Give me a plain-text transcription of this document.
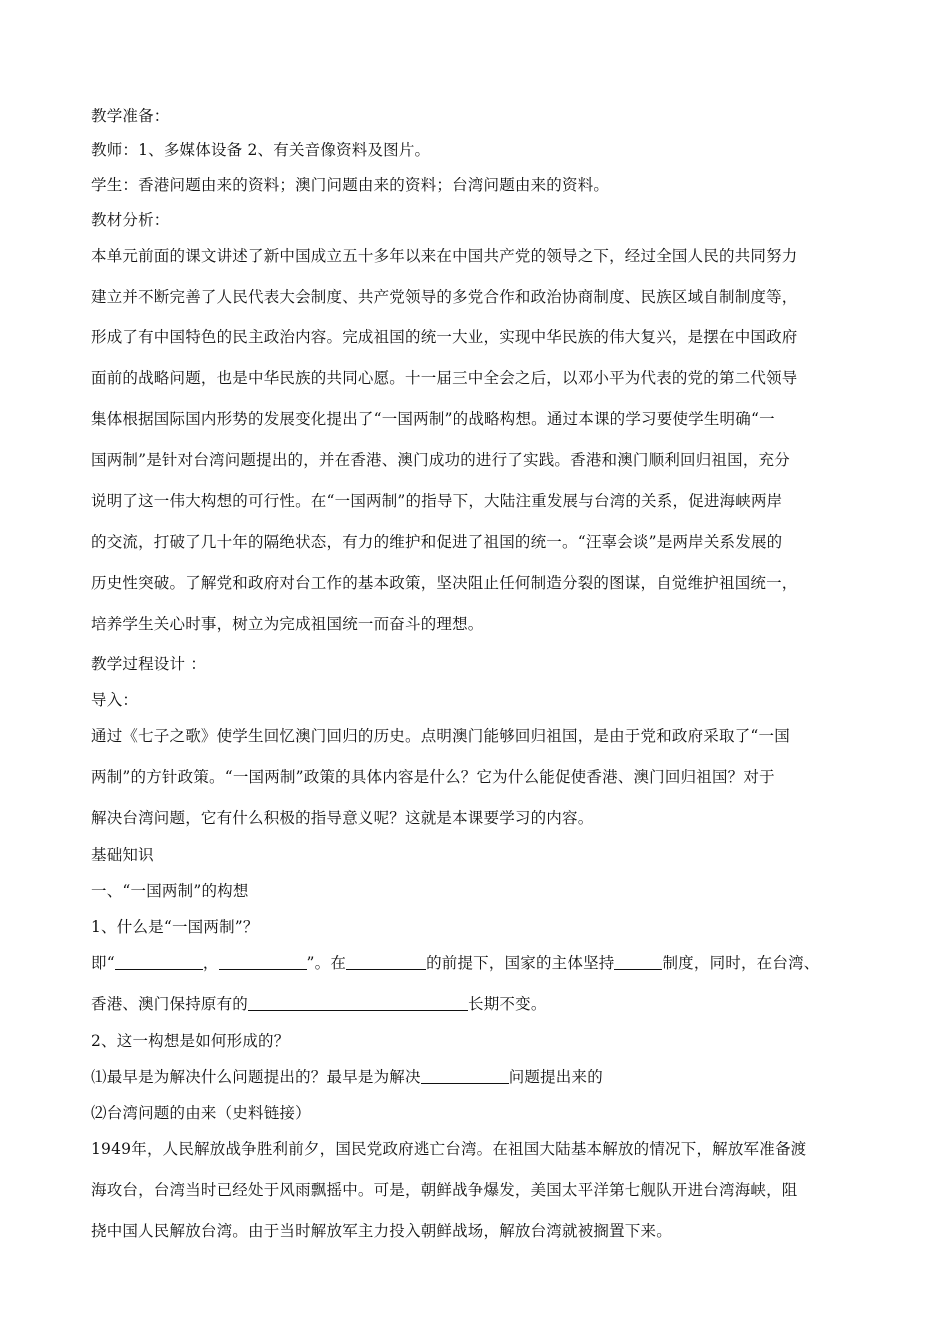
教学准备：
教师：1、多媒体设备 2、有关音像资料及图片。
学生：香港问题由来的资料；澳门问题由来的资料；台湾问题由来的资料。
教材分析：
本单元前面的课文讲述了新中国成立五十多年以来在中国共产党的领导之下，经过全国人民的共同努力
建立并不断完善了人民代表大会制度、共产党领导的多党合作和政治协商制度、民族区域自制制度等，
形成了有中国特色的民主政治内容。完成祖国的统一大业，实现中华民族的伟大复兴，是摆在中国政府
面前的战略问题，也是中华民族的共同心愿。十一届三中全会之后，以邓小平为代表的党的第二代领导
集体根据国际国内形势的发展变化提出了“一国两制”的战略构想。通过本课的学习要使学生明确“一
国两制”是针对台湾问题提出的，并在香港、澳门成功的进行了实践。香港和澳门顺利回归祖国，充分
说明了这一伟大构想的可行性。在“一国两制”的指导下，大陆注重发展与台湾的关系，促进海峡两岸
的交流，打破了几十年的隔绝状态，有力的维护和促进了祖国的统一。“汪辜会谈”是两岸关系发展的
历史性突破。了解党和政府对台工作的基本政策，坚决阻止任何制造分裂的图谋，自觉维护祖国统一，
培养学生关心时事，树立为完成祖国统一而奋斗的理想。
教学过程设计 ：
导入：
通过《七子之歌》使学生回忆澳门回归的历史。点明澳门能够回归祖国，是由于党和政府采取了“一国
两制”的方针政策。“一国两制”政策的具体内容是什么？它为什么能促使香港、澳门回归祖国？对于
解决台湾问题，它有什么积极的指导意义呢？这就是本课要学习的内容。
基础知识
一、“一国两制”的构想
1、什么是“一国两制”？
即“	，	”。在	的前提下，国家的主体坚持	制度，同时，在台湾、
香港、澳门保持原有的	长期不变。
2、这一构想是如何形成的？
⑴最早是为解决什么问题提出的？最早是为解决	问题提出来的
⑵台湾问题的由来（史料链接）
1949年，人民解放战争胜利前夕，国民党政府逃亡台湾。在祖国大陆基本解放的情况下，解放军准备渡
海攻台，台湾当时已经处于风雨飘摇中。可是，朝鲜战争爆发，美国太平洋第七舰队开进台湾海峡，阻
挠中国人民解放台湾。由于当时解放军主力投入朝鲜战场，解放台湾就被搁置下来。
